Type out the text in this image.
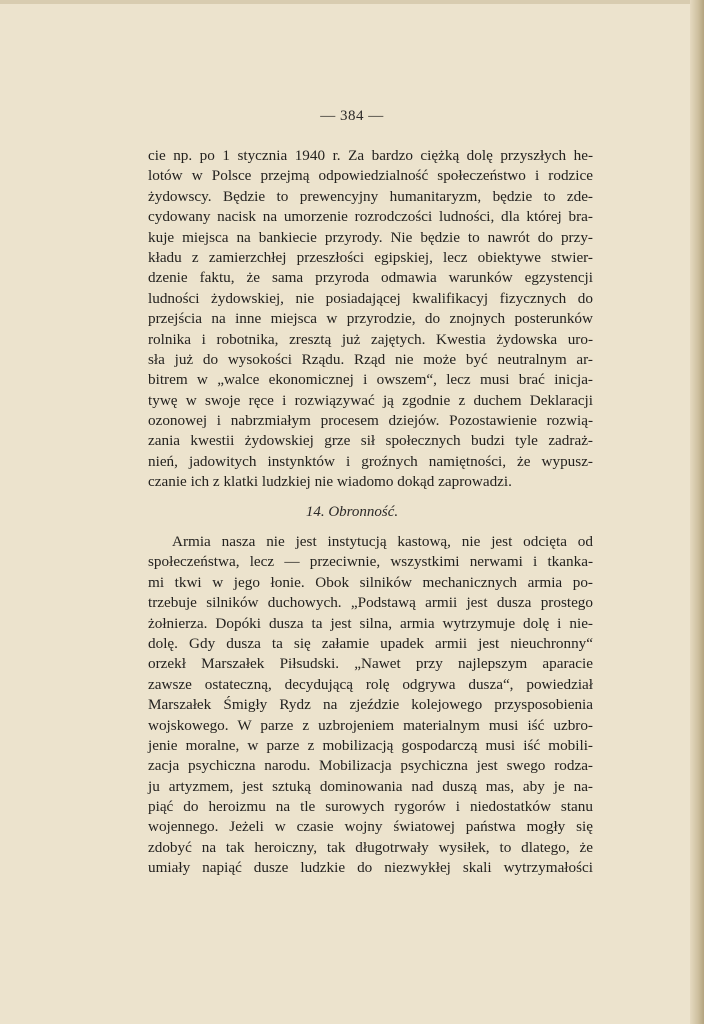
— 384 —
cie np. po 1 stycznia 1940 r. Za bardzo ciężką dolę przyszłych he-
lotów w Polsce przejmą odpowiedzialność społeczeństwo i rodzice
żydowscy. Będzie to prewencyjny humanitaryzm, będzie to zde-
cydowany nacisk na umorzenie rozrodczości ludności, dla której bra-
kuje miejsca na bankiecie przyrody. Nie będzie to nawrót do przy-
kładu z zamierzchłej przeszłości egipskiej, lecz obiektywe stwier-
dzenie faktu, że sama przyroda odmawia warunków egzystencji
ludności żydowskiej, nie posiadającej kwalifikacyj fizycznych do
przejścia na inne miejsca w przyrodzie, do znojnych posterunków
rolnika i robotnika, zresztą już zajętych. Kwestia żydowska uro-
sła już do wysokości Rządu. Rząd nie może być neutralnym ar-
bitrem w „walce ekonomicznej i owszem“, lecz musi brać inicja-
tywę w swoje ręce i rozwiązywać ją zgodnie z duchem Deklaracji
ozonowej i nabrzmiałym procesem dziejów. Pozostawienie rozwią-
zania kwestii żydowskiej grze sił społecznych budzi tyle zadraż-
nień, jadowitych instynktów i groźnych namiętności, że wypusz-
czanie ich z klatki ludzkiej nie wiadomo dokąd zaprowadzi.
14. Obronność.
Armia nasza nie jest instytucją kastową, nie jest odcięta od
społeczeństwa, lecz — przeciwnie, wszystkimi nerwami i tkanka-
mi tkwi w jego łonie. Obok silników mechanicznych armia po-
trzebuje silników duchowych. „Podstawą armii jest dusza prostego
żołnierza. Dopóki dusza ta jest silna, armia wytrzymuje dolę i nie-
dolę. Gdy dusza ta się załamie upadek armii jest nieuchronny“
orzekł Marszałek Piłsudski. „Nawet przy najlepszym aparacie
zawsze ostateczną, decydującą rolę odgrywa dusza“, powiedział
Marszałek Śmigły Rydz na zjeździe kolejowego przysposobienia
wojskowego. W parze z uzbrojeniem materialnym musi iść uzbro-
jenie moralne, w parze z mobilizacją gospodarczą musi iść mobili-
zacja psychiczna narodu. Mobilizacja psychiczna jest swego rodza-
ju artyzmem, jest sztuką dominowania nad duszą mas, aby je na-
piąć do heroizmu na tle surowych rygorów i niedostatków stanu
wojennego. Jeżeli w czasie wojny światowej państwa mogły się
zdobyć na tak heroiczny, tak długotrwały wysiłek, to dlatego, że
umiały napiąć dusze ludzkie do niezwykłej skali wytrzymałości
